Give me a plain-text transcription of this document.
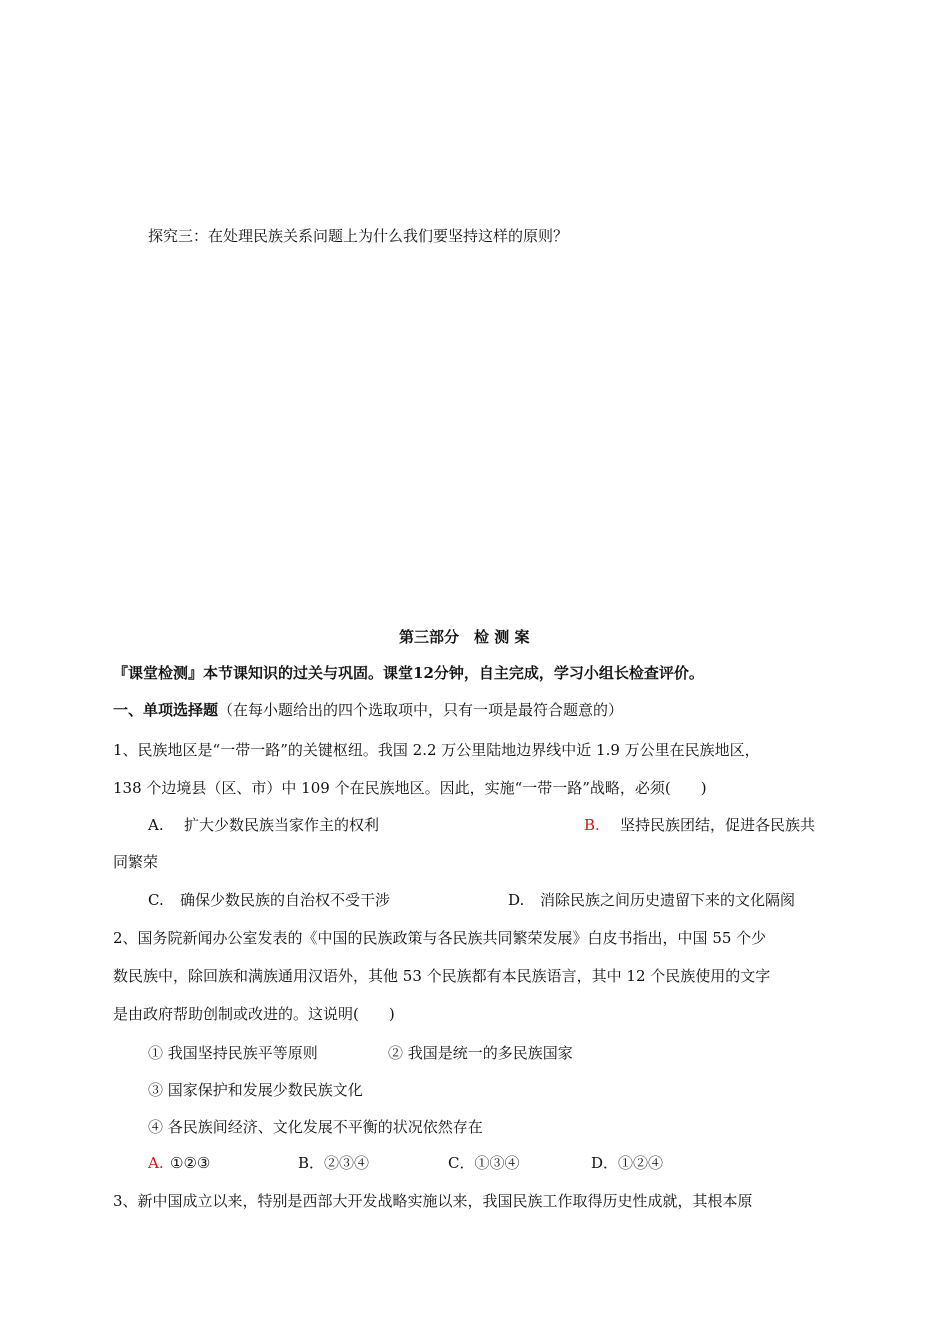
探究三：在处理民族关系问题上为什么我们要坚持这样的原则？
第三部分　检 测 案
『课堂检测』本节课知识的过关与巩固。课堂12分钟，自主完成，学习小组长检查评价。
一、单项选择题（在每小题给出的四个选取项中，只有一项是最符合题意的）
1、民族地区是“一带一路”的关键枢纽。我国 2.2 万公里陆地边界线中近 1.9 万公里在民族地区，
138 个边境县（区、市）中 109 个在民族地区。因此，实施“一带一路”战略，必须(　　)
A. 扩大少数民族当家作主的权利	B. 坚持民族团结，促进各民族共
同繁荣
C. 确保少数民族的自治权不受干涉	D. 消除民族之间历史遗留下来的文化隔阂
2、国务院新闻办公室发表的《中国的民族政策与各民族共同繁荣发展》白皮书指出，中国 55 个少
数民族中，除回族和满族通用汉语外，其他 53 个民族都有本民族语言，其中 12 个民族使用的文字
是由政府帮助创制或改进的。这说明(　　)
① 我国坚持民族平等原则	② 我国是统一的多民族国家
③ 国家保护和发展少数民族文化
④ 各民族间经济、文化发展不平衡的状况依然存在
A. ①②③	B．②③④	C．①③④	D．①②④
3、新中国成立以来，特别是西部大开发战略实施以来，我国民族工作取得历史性成就，其根本原
